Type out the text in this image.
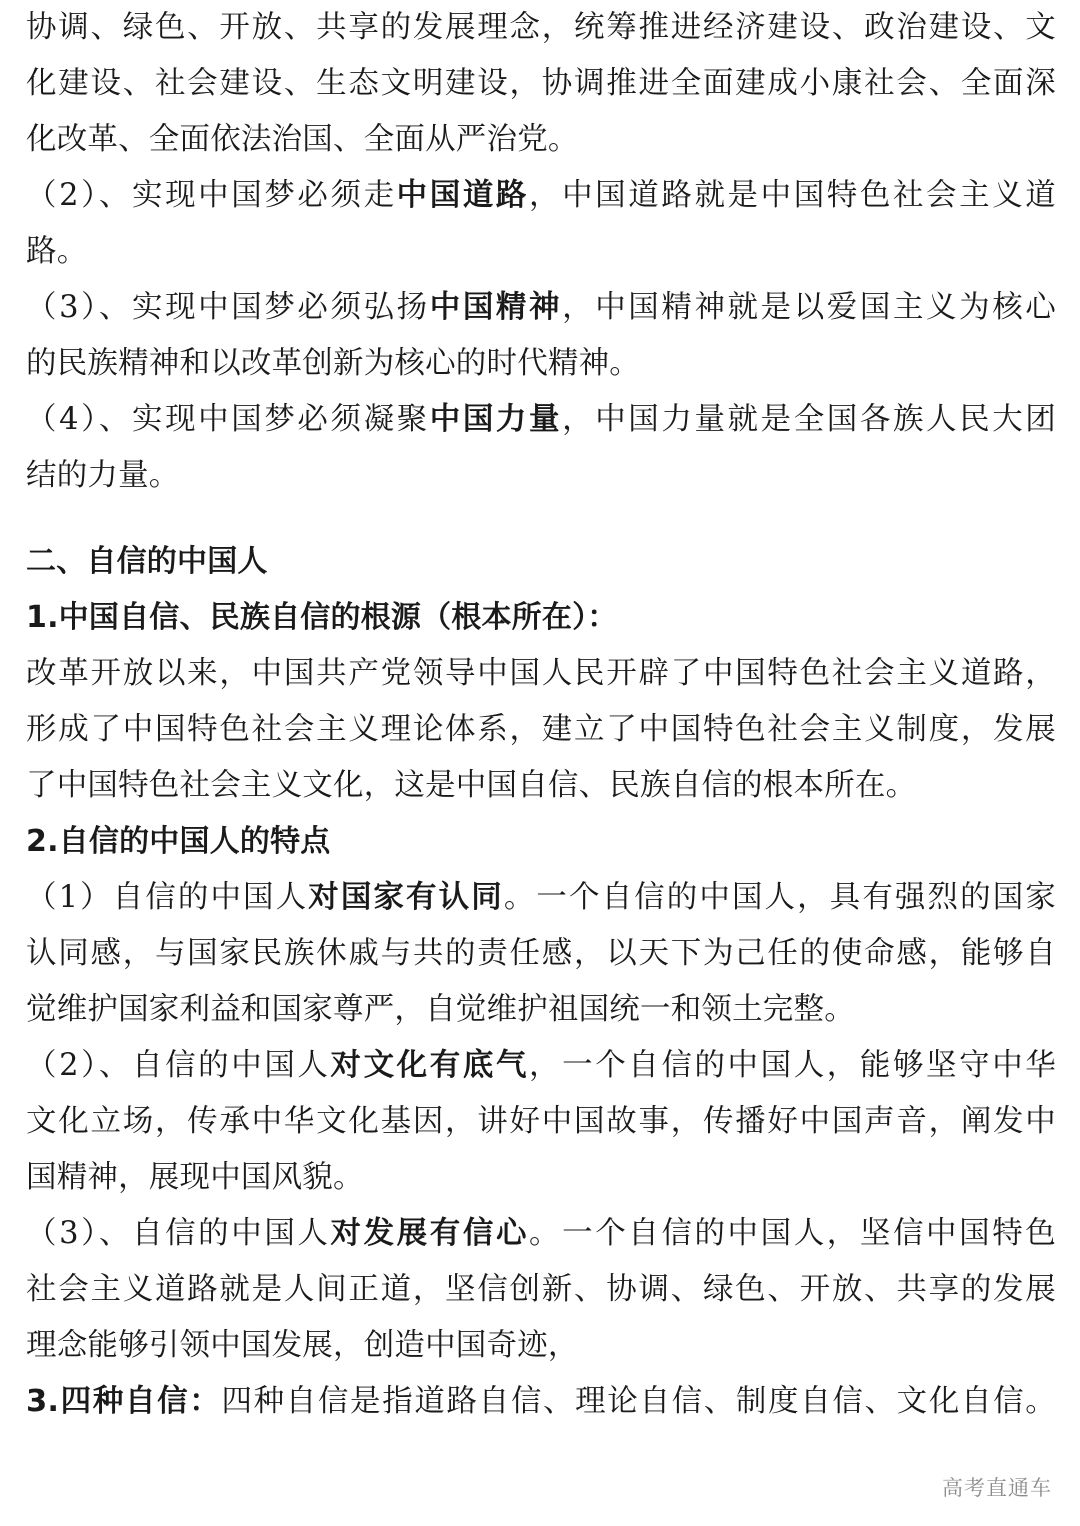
协调、绿色、开放、共享的发展理念，统筹推进经济建设、政治建设、文
化建设、社会建设、生态文明建设，协调推进全面建成小康社会、全面深
化改革、全面依法治国、全面从严治党。
（2）、实现中国梦必须走中国道路，中国道路就是中国特色社会主义道
路。
（3）、实现中国梦必须弘扬中国精神，中国精神就是以爱国主义为核心
的民族精神和以改革创新为核心的时代精神。
（4）、实现中国梦必须凝聚中国力量，中国力量就是全国各族人民大团
结的力量。
二、自信的中国人
1.中国自信、民族自信的根源（根本所在）：
改革开放以来，中国共产党领导中国人民开辟了中国特色社会主义道路，
形成了中国特色社会主义理论体系，建立了中国特色社会主义制度，发展
了中国特色社会主义文化，这是中国自信、民族自信的根本所在。
2.自信的中国人的特点
（1）自信的中国人对国家有认同。一个自信的中国人，具有强烈的国家
认同感，与国家民族休戚与共的责任感，以天下为己任的使命感，能够自
觉维护国家利益和国家尊严，自觉维护祖国统一和领土完整。
（2）、自信的中国人对文化有底气，一个自信的中国人，能够坚守中华
文化立场，传承中华文化基因，讲好中国故事，传播好中国声音，阐发中
国精神，展现中国风貌。
（3）、自信的中国人对发展有信心。一个自信的中国人，坚信中国特色
社会主义道路就是人间正道，坚信创新、协调、绿色、开放、共享的发展
理念能够引领中国发展，创造中国奇迹，
3.四种自信：四种自信是指道路自信、理论自信、制度自信、文化自信。
高考直通车
